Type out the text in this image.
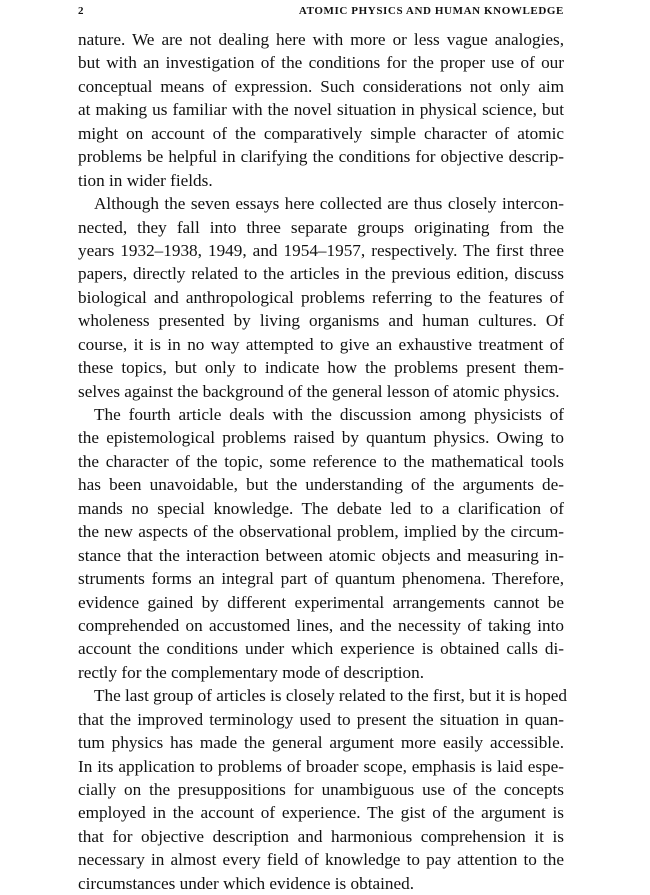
2	ATOMIC PHYSICS AND HUMAN KNOWLEDGE
nature. We are not dealing here with more or less vague analogies,
but with an investigation of the conditions for the proper use of our
conceptual means of expression. Such considerations not only aim
at making us familiar with the novel situation in physical science, but
might on account of the comparatively simple character of atomic
problems be helpful in clarifying the conditions for objective descrip-
tion in wider fields.
Although the seven essays here collected are thus closely intercon-
nected, they fall into three separate groups originating from the
years 1932–1938, 1949, and 1954–1957, respectively. The first three
papers, directly related to the articles in the previous edition, discuss
biological and anthropological problems referring to the features of
wholeness presented by living organisms and human cultures. Of
course, it is in no way attempted to give an exhaustive treatment of
these topics, but only to indicate how the problems present them-
selves against the background of the general lesson of atomic physics.
The fourth article deals with the discussion among physicists of
the epistemological problems raised by quantum physics. Owing to
the character of the topic, some reference to the mathematical tools
has been unavoidable, but the understanding of the arguments de-
mands no special knowledge. The debate led to a clarification of
the new aspects of the observational problem, implied by the circum-
stance that the interaction between atomic objects and measuring in-
struments forms an integral part of quantum phenomena. Therefore,
evidence gained by different experimental arrangements cannot be
comprehended on accustomed lines, and the necessity of taking into
account the conditions under which experience is obtained calls di-
rectly for the complementary mode of description.
The last group of articles is closely related to the first, but it is hoped
that the improved terminology used to present the situation in quan-
tum physics has made the general argument more easily accessible.
In its application to problems of broader scope, emphasis is laid espe-
cially on the presuppositions for unambiguous use of the concepts
employed in the account of experience. The gist of the argument is
that for objective description and harmonious comprehension it is
necessary in almost every field of knowledge to pay attention to the
circumstances under which evidence is obtained.
